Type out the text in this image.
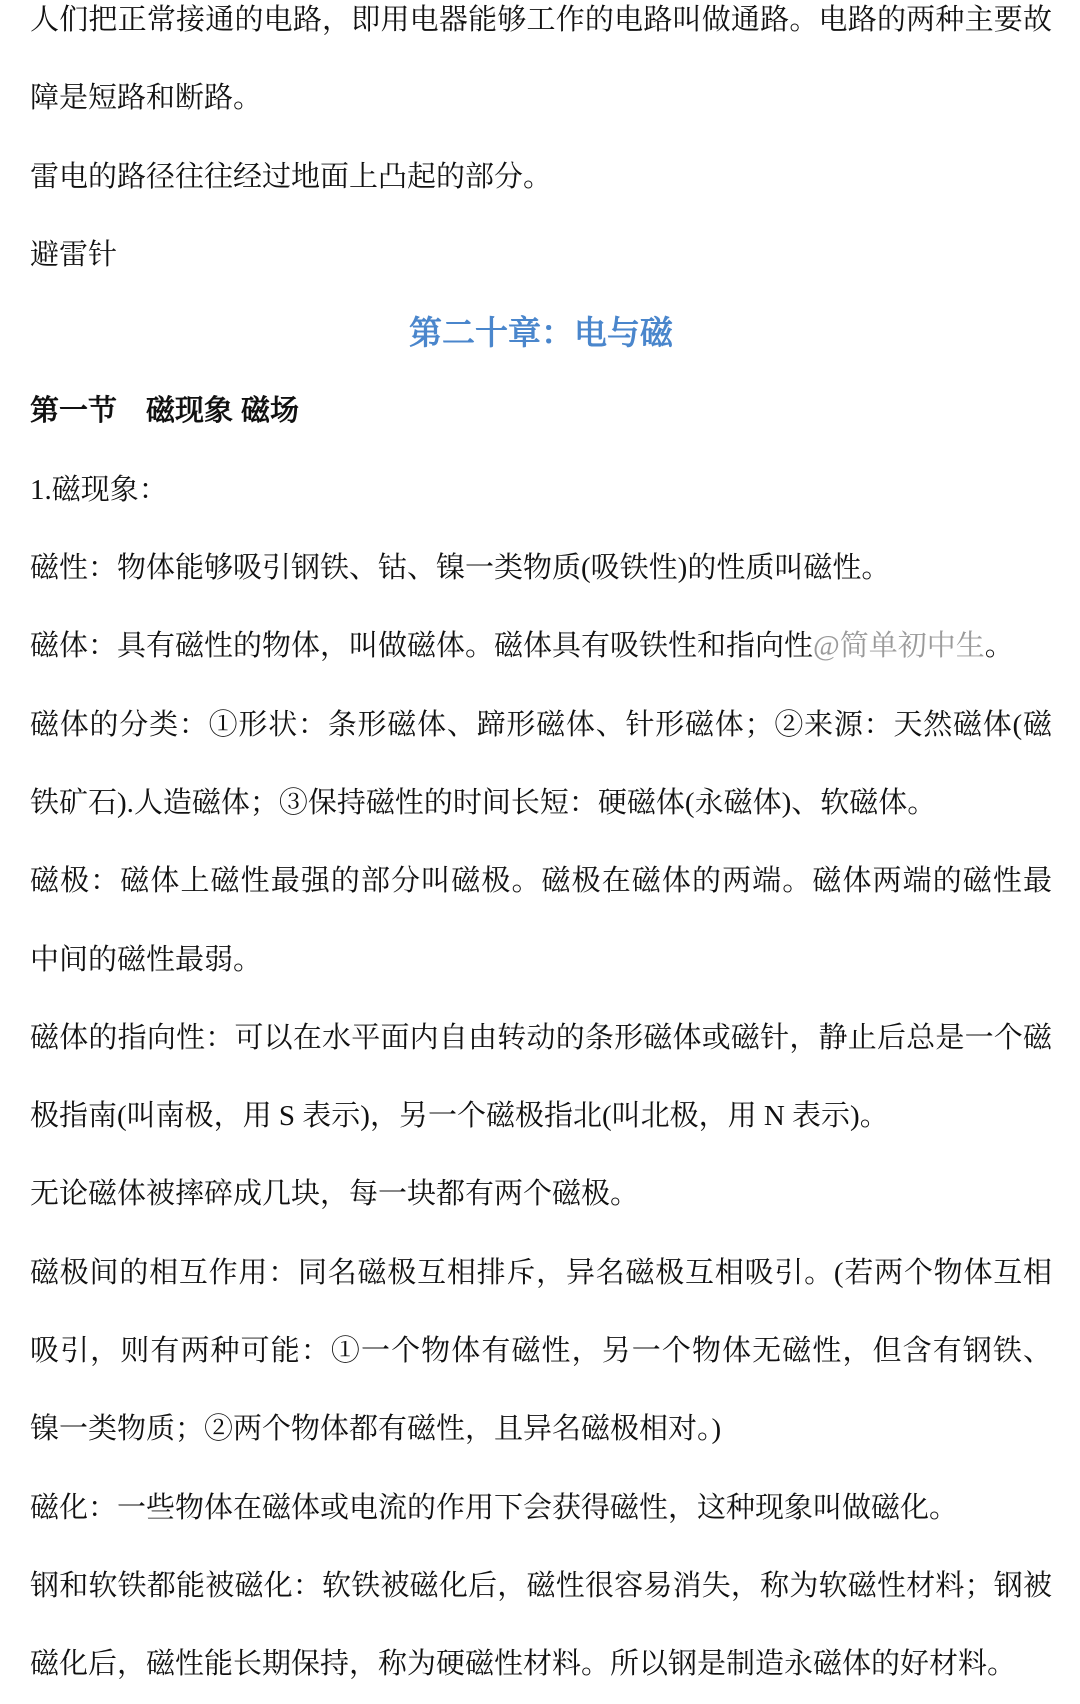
人们把正常接通的电路，即用电器能够工作的电路叫做通路。电路的两种主要故
障是短路和断路。
雷电的路径往往经过地面上凸起的部分。
避雷针
第二十章：电与磁
第一节　磁现象 磁场
1.磁现象：
磁性：物体能够吸引钢铁、钴、镍一类物质(吸铁性)的性质叫磁性。
磁体：具有磁性的物体，叫做磁体。磁体具有吸铁性和指向性@简单初中生。
磁体的分类：①形状：条形磁体、蹄形磁体、针形磁体；②来源：天然磁体(磁
铁矿石).人造磁体；③保持磁性的时间长短：硬磁体(永磁体)、软磁体。
磁极：磁体上磁性最强的部分叫磁极。磁极在磁体的两端。磁体两端的磁性最
中间的磁性最弱。
磁体的指向性：可以在水平面内自由转动的条形磁体或磁针，静止后总是一个磁
极指南(叫南极，用 S 表示)，另一个磁极指北(叫北极，用 N 表示)。
无论磁体被摔碎成几块，每一块都有两个磁极。
磁极间的相互作用：同名磁极互相排斥，异名磁极互相吸引。(若两个物体互相
吸引，则有两种可能：①一个物体有磁性，另一个物体无磁性，但含有钢铁、
镍一类物质；②两个物体都有磁性，且异名磁极相对。)
磁化：一些物体在磁体或电流的作用下会获得磁性，这种现象叫做磁化。
钢和软铁都能被磁化：软铁被磁化后，磁性很容易消失，称为软磁性材料；钢被
磁化后，磁性能长期保持，称为硬磁性材料。所以钢是制造永磁体的好材料。
